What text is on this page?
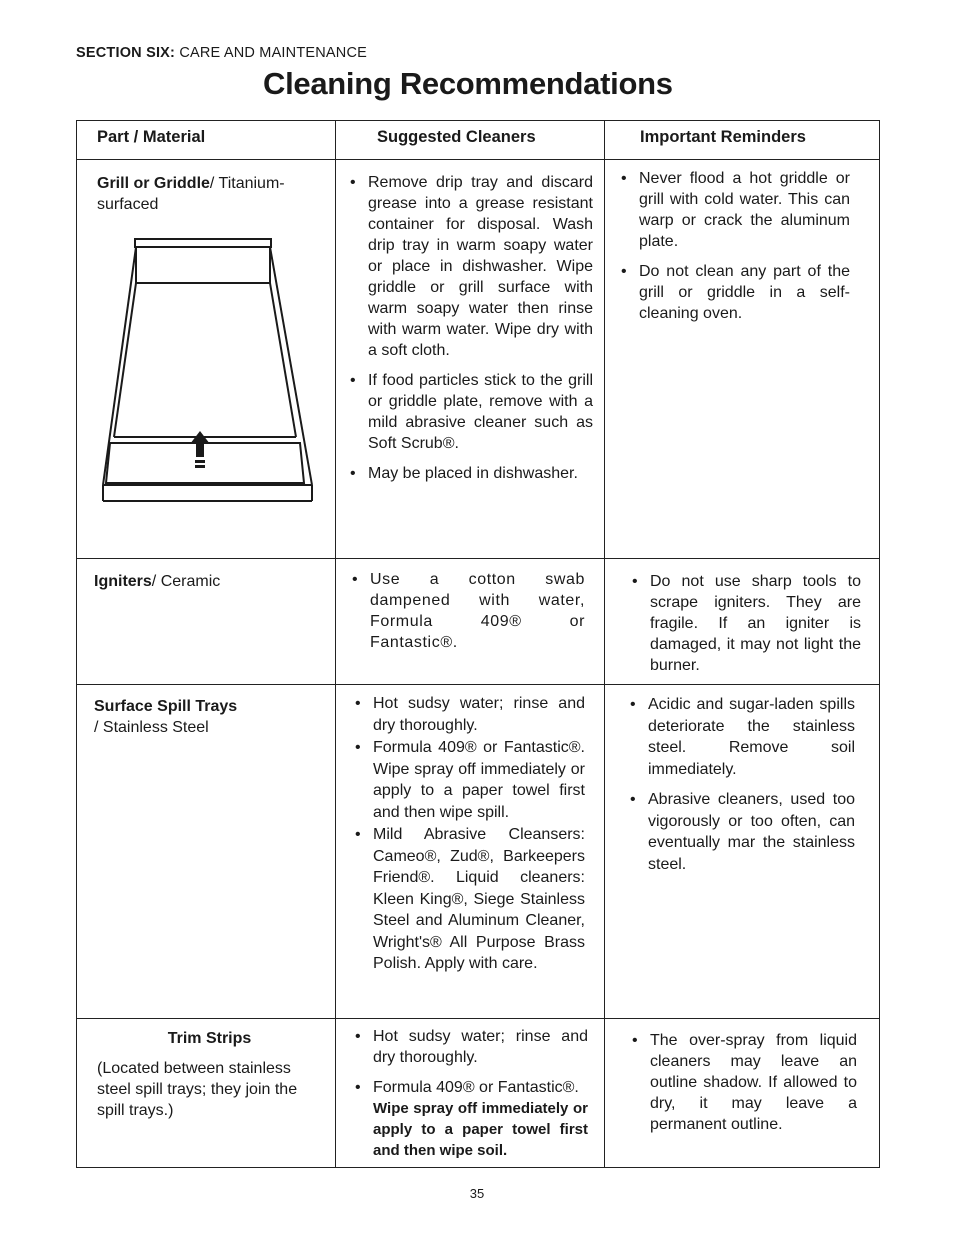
SECTION SIX: CARE AND MAINTENANCE
Cleaning Recommendations
Part / Material	Suggested Cleaners	Important Reminders
Grill or Griddle/ Titanium-surfaced
• Remove drip tray and discard grease into a grease resistant container for disposal. Wash drip tray in warm soapy water or place in dishwasher. Wipe griddle or grill surface with warm soapy water then rinse with warm water. Wipe dry with a soft cloth.
• If food particles stick to the grill or griddle plate, remove with a mild abrasive cleaner such as Soft Scrub®.
• May be placed in dishwasher.
• Never flood a hot griddle or grill with cold water. This can warp or crack the aluminum plate.
• Do not clean any part of the grill or griddle in a self-cleaning oven.
Igniters/ Ceramic
•	Use a cotton swab dampened with water, Formula 409® or Fantastic®.
• Do not use sharp tools to scrape igniters. They are fragile. If an igniter is damaged, it may not light the burner.
Surface Spill Trays
/ Stainless Steel
• Hot sudsy water; rinse and dry thoroughly.
• Formula 409® or Fantastic®. Wipe spray off immediately or apply to a paper towel first and then wipe spill.
• Mild Abrasive Cleansers: Cameo®, Zud®, Barkeepers Friend®. Liquid cleaners: Kleen King®, Siege Stainless Steel and Aluminum Cleaner, Wright's® All Purpose Brass Polish. Apply with care.
• Acidic and sugar-laden spills deteriorate the stainless steel. Remove soil immediately.
• Abrasive cleaners, used too vigorously or too often, can eventually mar the stainless steel.
Trim Strips
(Located between stainless steel spill trays; they join the spill trays.)
• Hot sudsy water; rinse and dry thoroughly.
• Formula 409® or Fantastic®.
Wipe spray off immediately or apply to a paper towel first and then wipe soil.
• The over-spray from liquid cleaners may leave an outline shadow. If allowed to dry, it may leave a permanent outline.
35
